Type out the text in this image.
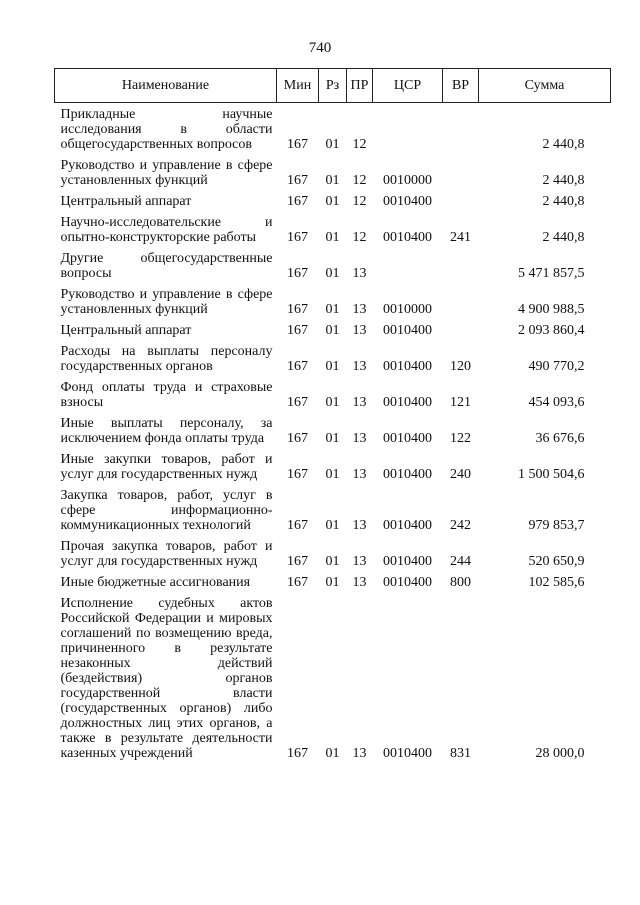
740
Наименование	Мин	Рз	ПР	ЦСР	ВР	Сумма
Прикладные научные исследования в области общегосударственных вопросов	167	01	12			2 440,8
Руководство и управление в сфере установленных функций	167	01	12	0010000		2 440,8
Центральный аппарат	167	01	12	0010400		2 440,8
Научно-исследовательские и опытно-конструкторские работы	167	01	12	0010400	241	2 440,8
Другие общегосударственные вопросы	167	01	13			5 471 857,5
Руководство и управление в сфере установленных функций	167	01	13	0010000		4 900 988,5
Центральный аппарат	167	01	13	0010400		2 093 860,4
Расходы на выплаты персоналу государственных органов	167	01	13	0010400	120	490 770,2
Фонд оплаты труда и страховые взносы	167	01	13	0010400	121	454 093,6
Иные выплаты персоналу, за исключением фонда оплаты труда	167	01	13	0010400	122	36 676,6
Иные закупки товаров, работ и услуг для государственных нужд	167	01	13	0010400	240	1 500 504,6
Закупка товаров, работ, услуг в сфере информационно-коммуникационных технологий	167	01	13	0010400	242	979 853,7
Прочая закупка товаров, работ и услуг для государственных нужд	167	01	13	0010400	244	520 650,9
Иные бюджетные ассигнования	167	01	13	0010400	800	102 585,6
Исполнение судебных актов Российской Федерации и мировых соглашений по возмещению вреда, причиненного в результате незаконных действий (бездействия) органов государственной власти (государственных органов) либо должностных лиц этих органов, а также в результате деятельности казенных учреждений	167	01	13	0010400	831	28 000,0
